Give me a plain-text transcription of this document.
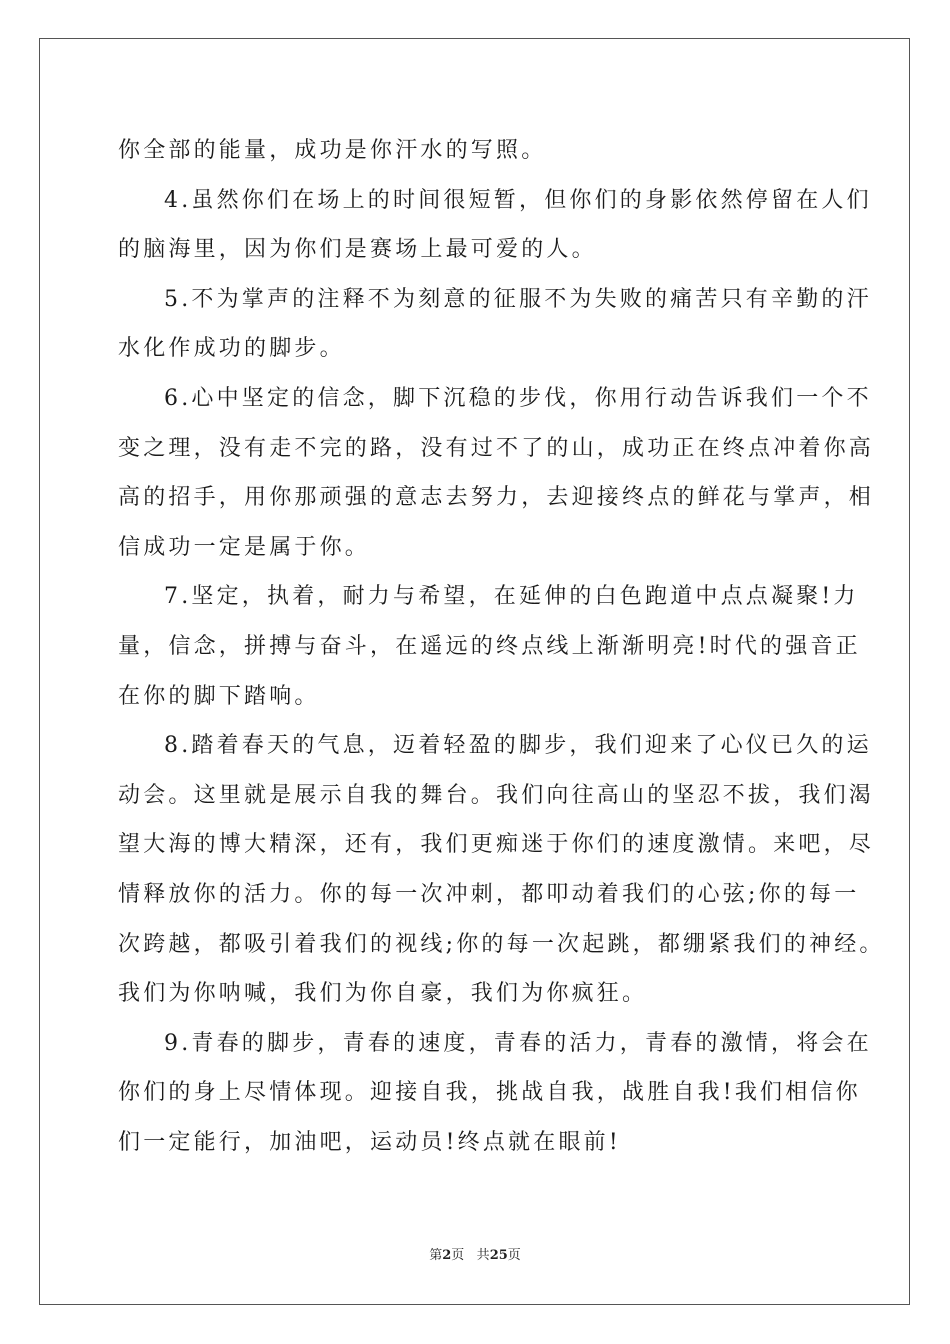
你全部的能量，成功是你汗水的写照。
4.虽然你们在场上的时间很短暂，但你们的身影依然停留在人们
的脑海里，因为你们是赛场上最可爱的人。
5.不为掌声的注释不为刻意的征服不为失败的痛苦只有辛勤的汗
水化作成功的脚步。
6.心中坚定的信念，脚下沉稳的步伐，你用行动告诉我们一个不
变之理，没有走不完的路，没有过不了的山，成功正在终点冲着你高
高的招手，用你那顽强的意志去努力，去迎接终点的鲜花与掌声，相
信成功一定是属于你。
7.坚定，执着，耐力与希望，在延伸的白色跑道中点点凝聚!力
量，信念，拼搏与奋斗，在遥远的终点线上渐渐明亮!时代的强音正
在你的脚下踏响。
8.踏着春天的气息，迈着轻盈的脚步，我们迎来了心仪已久的运
动会。这里就是展示自我的舞台。我们向往高山的坚忍不拔，我们渴
望大海的博大精深，还有，我们更痴迷于你们的速度激情。来吧，尽
情释放你的活力。你的每一次冲刺，都叩动着我们的心弦;你的每一
次跨越，都吸引着我们的视线;你的每一次起跳，都绷紧我们的神经。
我们为你呐喊，我们为你自豪，我们为你疯狂。
9.青春的脚步，青春的速度，青春的活力，青春的激情，将会在
你们的身上尽情体现。迎接自我，挑战自我，战胜自我!我们相信你
们一定能行，加油吧，运动员!终点就在眼前!
第2页 共25页
